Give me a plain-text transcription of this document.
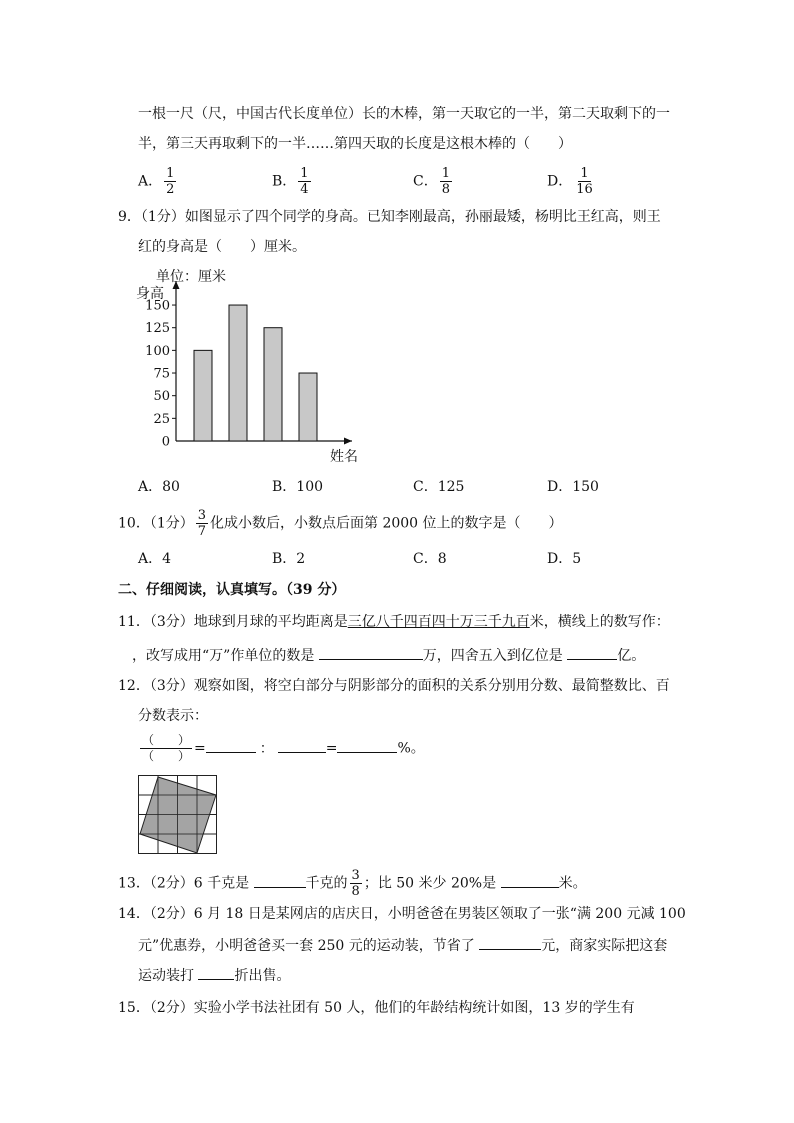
一根一尺（尺，中国古代长度单位）长的木棒，第一天取它的一半，第二天取剩下的一
半，第三天再取剩下的一半……第四天取的长度是这根木棒的（　　）
A． $\frac{1}{2}$	B． $\frac{1}{4}$	C． $\frac{1}{8}$	D． $\frac{1}{16}$
9．（1分）如图显示了四个同学的身高。已知李刚最高，孙丽最矮，杨明比王红高，则王
红的身高是（　　）厘米。
单位：厘米
身高
姓名
0
25
50
75
100
125
150
A．80	B．100	C．125	D．150
10．（1分） $\frac{3}{7}$ 化成小数后，小数点后面第 2000 位上的数字是（　　）
A．4	B．2	C．8	D．5
二、仔细阅读，认真填写。（39 分）
11．（3分）地球到月球的平均距离是三亿八千四百四十万三千九百米，横线上的数写作：
，改写成用“万”作单位的数是	万，四舍五入到亿位是	亿。
12．（3分）观察如图，将空白部分与阴影部分的面积的关系分别用分数、最简整数比、百
分数表示：
$\frac{( )}{( )}$ =	：	=	%。
13．（2分）6 千克是	千克的 $\frac{3}{8}$ ；比 50 米少 20%是	米。
14．（2分）6 月 18 日是某网店的店庆日，小明爸爸在男装区领取了一张“满 200 元减 100
元”优惠券，小明爸爸买一套 250 元的运动装，节省了	元，商家实际把这套
运动装打	折出售。
15．（2分）实验小学书法社团有 50 人，他们的年龄结构统计如图，13 岁的学生有
